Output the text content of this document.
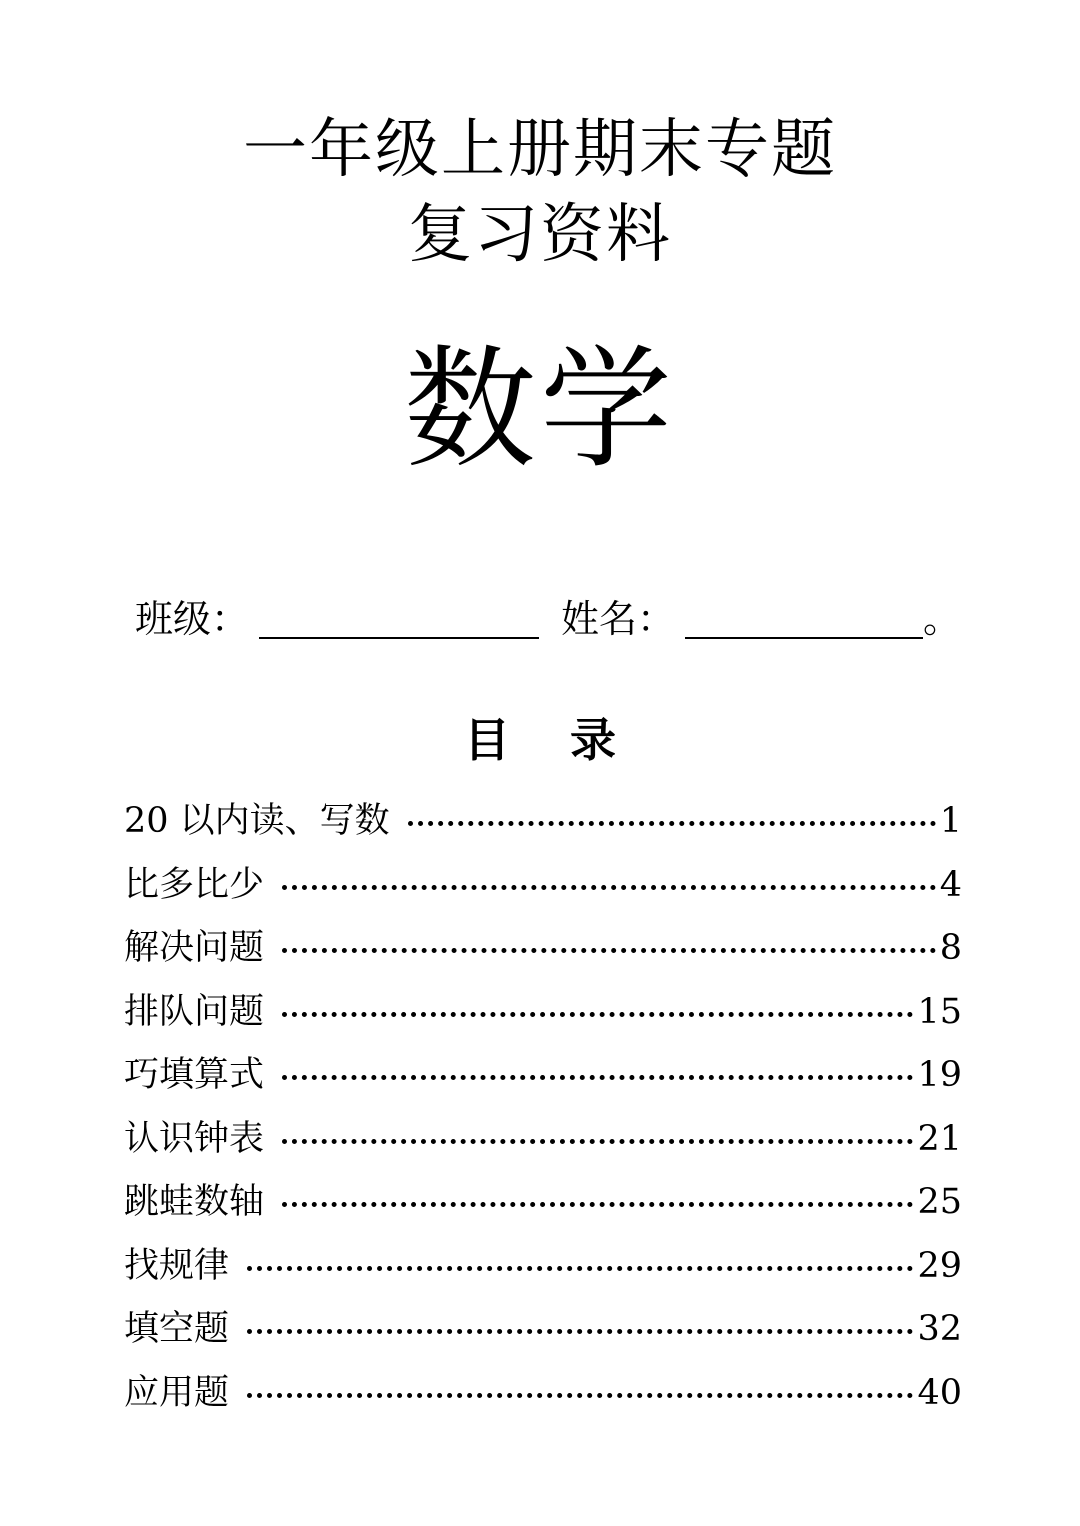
一年级上册期末专题
复习资料
数学
班级：	姓名：	。
目 录
20 以内读、写数	1
比多比少	4
解决问题	8
排队问题	15
巧填算式	19
认识钟表	21
跳蛙数轴	25
找规律	29
填空题	32
应用题	40
